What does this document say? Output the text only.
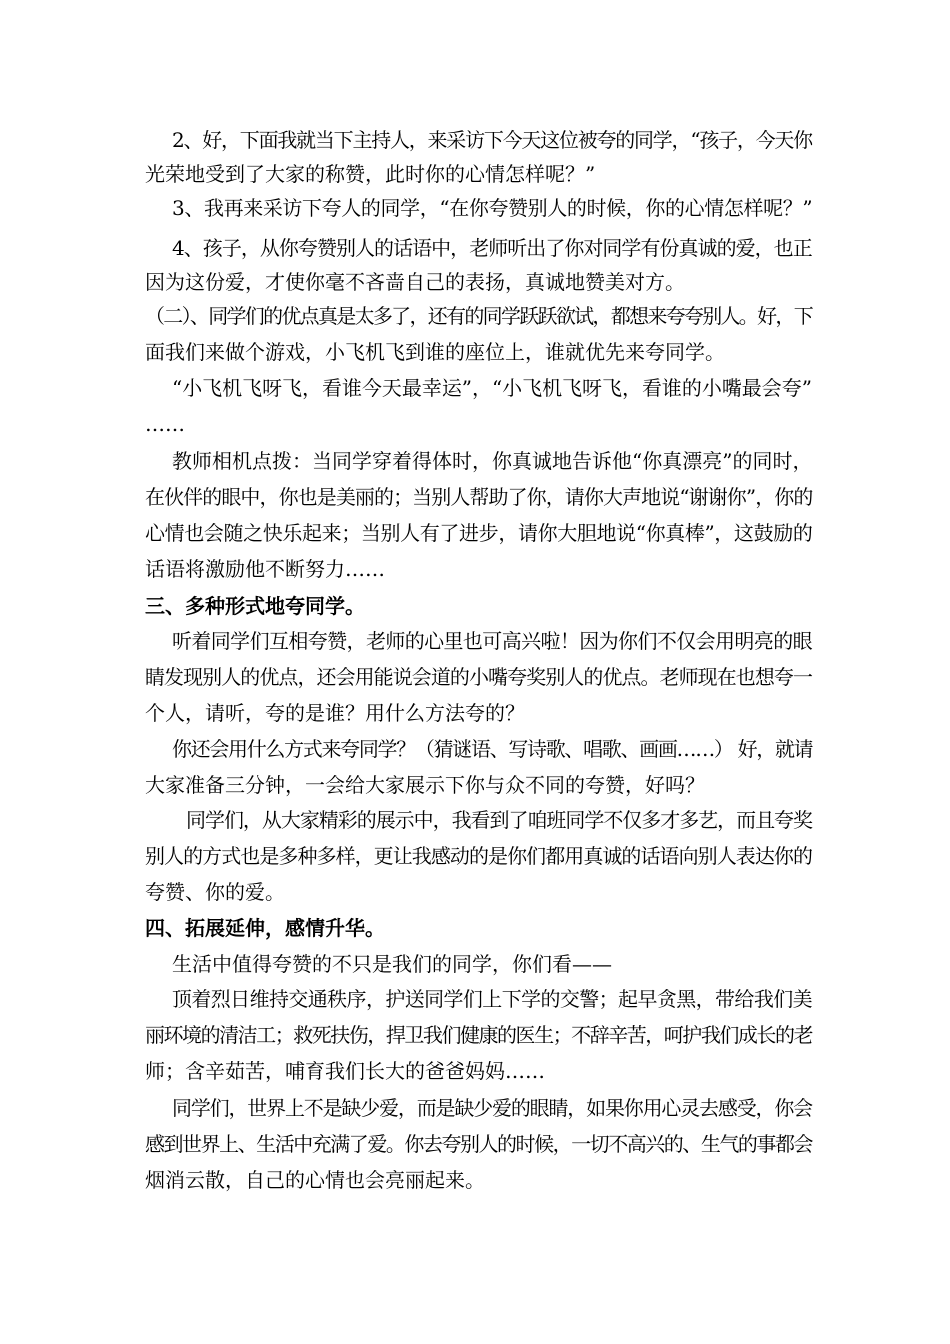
2、好，下面我就当下主持人，来采访下今天这位被夸的同学，“孩子，今天你
光荣地受到了大家的称赞，此时你的心情怎样呢？”
3、我再来采访下夸人的同学，“在你夸赞别人的时候，你的心情怎样呢？”
4、孩子，从你夸赞别人的话语中，老师听出了你对同学有份真诚的爱，也正
因为这份爱，才使你毫不吝啬自己的表扬，真诚地赞美对方。
（二）、同学们的优点真是太多了，还有的同学跃跃欲试，都想来夸夸别人。好，下
面我们来做个游戏，小飞机飞到谁的座位上，谁就优先来夸同学。
“小飞机飞呀飞，看谁今天最幸运”，“小飞机飞呀飞，看谁的小嘴最会夸”
……
教师相机点拨：当同学穿着得体时，你真诚地告诉他“你真漂亮”的同时，
在伙伴的眼中，你也是美丽的；当别人帮助了你，请你大声地说“谢谢你”，你的
心情也会随之快乐起来；当别人有了进步，请你大胆地说“你真棒”，这鼓励的
话语将激励他不断努力……
三、多种形式地夸同学。
听着同学们互相夸赞，老师的心里也可高兴啦！因为你们不仅会用明亮的眼
睛发现别人的优点，还会用能说会道的小嘴夸奖别人的优点。老师现在也想夸一
个人，请听，夸的是谁？用什么方法夸的？
你还会用什么方式来夸同学？（猜谜语、写诗歌、唱歌、画画……） 好，就请
大家准备三分钟，一会给大家展示下你与众不同的夸赞，好吗？
同学们，从大家精彩的展示中，我看到了咱班同学不仅多才多艺，而且夸奖
别人的方式也是多种多样，更让我感动的是你们都用真诚的话语向别人表达你的
夸赞、你的爱。
四、拓展延伸，感情升华。
生活中值得夸赞的不只是我们的同学，你们看——
顶着烈日维持交通秩序，护送同学们上下学的交警；起早贪黑，带给我们美
丽环境的清洁工；救死扶伤，捍卫我们健康的医生；不辞辛苦，呵护我们成长的老
师；含辛茹苦，哺育我们长大的爸爸妈妈……
同学们，世界上不是缺少爱，而是缺少爱的眼睛，如果你用心灵去感受，你会
感到世界上、生活中充满了爱。你去夸别人的时候，一切不高兴的、生气的事都会
烟消云散，自己的心情也会亮丽起来。
